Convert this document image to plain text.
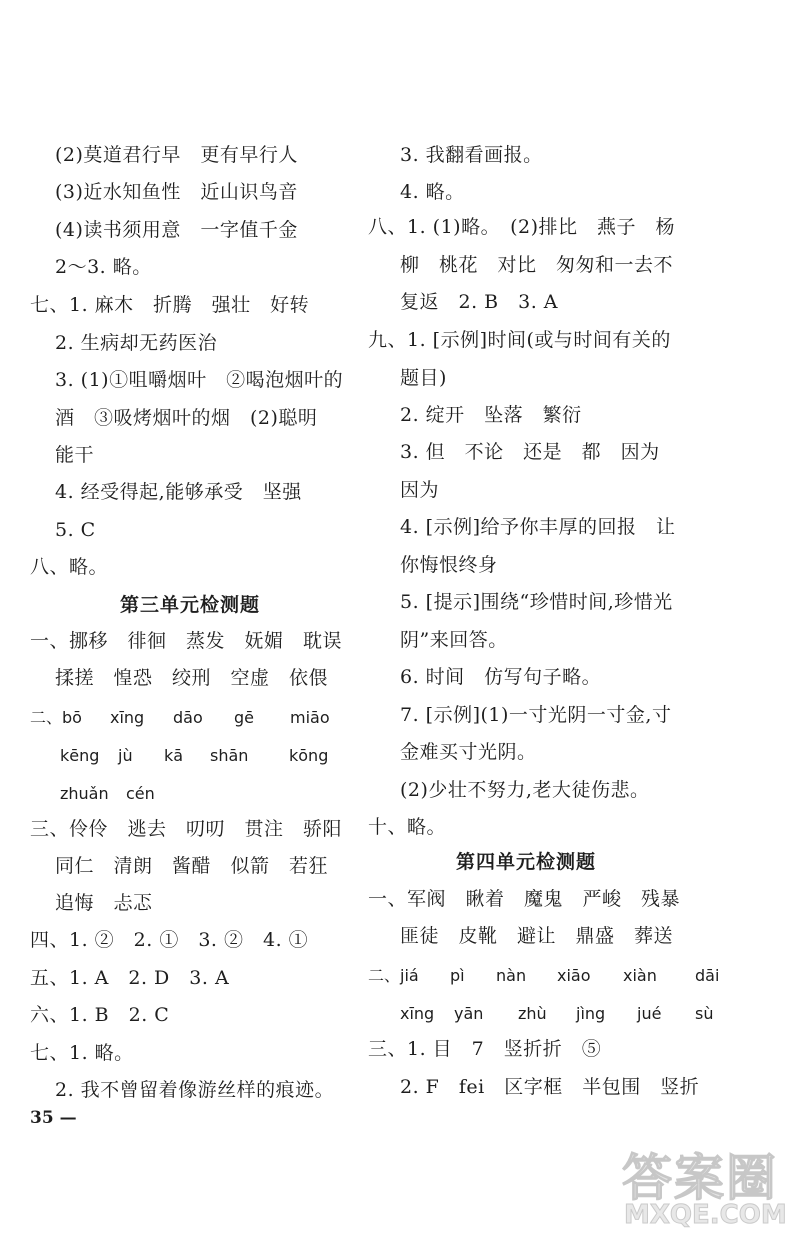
(2)莫道君行早　更有早行人
(3)近水知鱼性　近山识鸟音
(4)读书须用意　一字值千金
2～3. 略。
七、1. 麻木　折腾　强壮　好转
2. 生病却无药医治
3. (1)①咀嚼烟叶　②喝泡烟叶的
酒　③吸烤烟叶的烟　(2)聪明
能干
4. 经受得起,能够承受　坚强
5. C
八、略。
第三单元检测题
一、挪移　徘徊　蒸发　妩媚　耽误
揉搓　惶恐　绞刑　空虚　依偎
二、bō xīng dāo gē miāo
kēng jù kā shān	kōng
zhuǎn cén
三、伶伶　逃去　叨叨　贯注　骄阳
同仁　清朗　酱醋　似箭　若狂
追悔　忐忑
四、1. ②　2. ①　3. ②　4. ①
五、1. A　2. D　3. A
六、1. B　2. C
七、1. 略。
2. 我不曾留着像游丝样的痕迹。
3. 我翻看画报。
4. 略。
八、1. (1)略。　(2)排比　燕子　杨
柳　桃花　对比　匆匆和一去不
复返　2. B　3. A
九、1. [示例]时间(或与时间有关的
题目)
2. 绽开　坠落　繁衍
3. 但　不论　还是　都　因为
因为
4. [示例]给予你丰厚的回报　让
你悔恨终身
5. [提示]围绕“珍惜时间,珍惜光
阴”来回答。
6. 时间　仿写句子略。
7. [示例](1)一寸光阴一寸金,寸
金难买寸光阴。
(2)少壮不努力,老大徒伤悲。
十、略。
第四单元检测题
一、军阀　瞅着　魔鬼　严峻　残暴
匪徒　皮靴　避让　鼎盛　葬送
二、jiá pì nàn xiāo xiàn dāi
xīng yān zhù jìng jué sù
三、1. 目　7　竖折折　⑤
2. F　fei　区字框　半包围　竖折
35 —
答案圈
MXQE.COM
